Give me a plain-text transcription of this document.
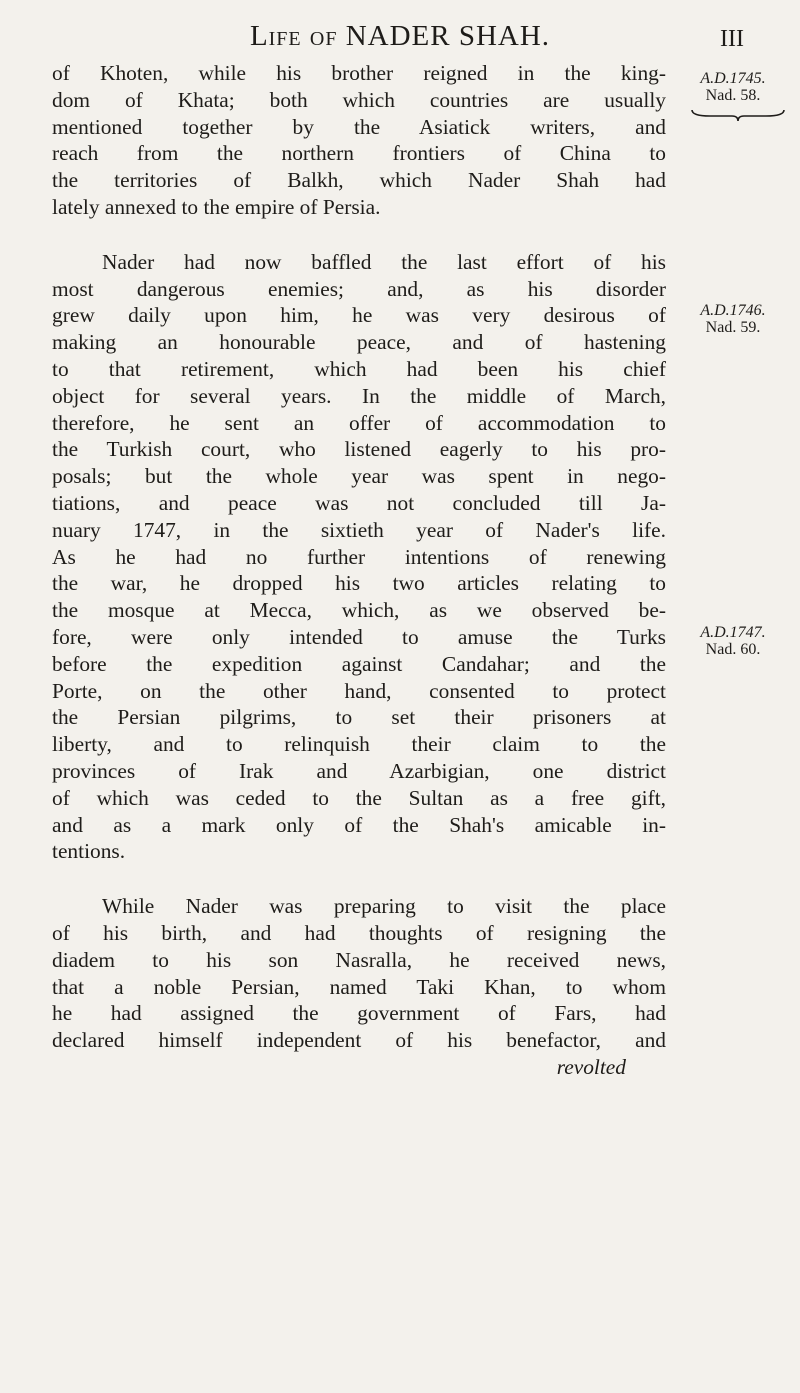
Life of NADER SHAH.	III
A.D.1745.
Nad. 58.
A.D.1746.
Nad. 59.
A.D.1747.
Nad. 60.
of Khoten, while his brother reigned in the king-
dom of Khata; both which countries are usually
mentioned together by the Asiatick writers, and
reach from the northern frontiers of China to
the territories of Balkh, which Nader Shah had
lately annexed to the empire of Persia.
Nader had now baffled the last effort of his
most dangerous enemies; and, as his disorder
grew daily upon him, he was very desirous of
making an honourable peace, and of hastening
to that retirement, which had been his chief
object for several years. In the middle of March,
therefore, he sent an offer of accommodation to
the Turkish court, who listened eagerly to his pro-
posals; but the whole year was spent in nego-
tiations, and peace was not concluded till Ja-
nuary 1747, in the sixtieth year of Nader's life.
As he had no further intentions of renewing
the war, he dropped his two articles relating to
the mosque at Mecca, which, as we observed be-
fore, were only intended to amuse the Turks
before the expedition against Candahar; and the
Porte, on the other hand, consented to protect
the Persian pilgrims, to set their prisoners at
liberty, and to relinquish their claim to the
provinces of Irak and Azarbigian, one district
of which was ceded to the Sultan as a free gift,
and as a mark only of the Shah's amicable in-
tentions.
While Nader was preparing to visit the place
of his birth, and had thoughts of resigning the
diadem to his son Nasralla, he received news,
that a noble Persian, named Taki Khan, to whom
he had assigned the government of Fars, had
declared himself independent of his benefactor, and
revolted
